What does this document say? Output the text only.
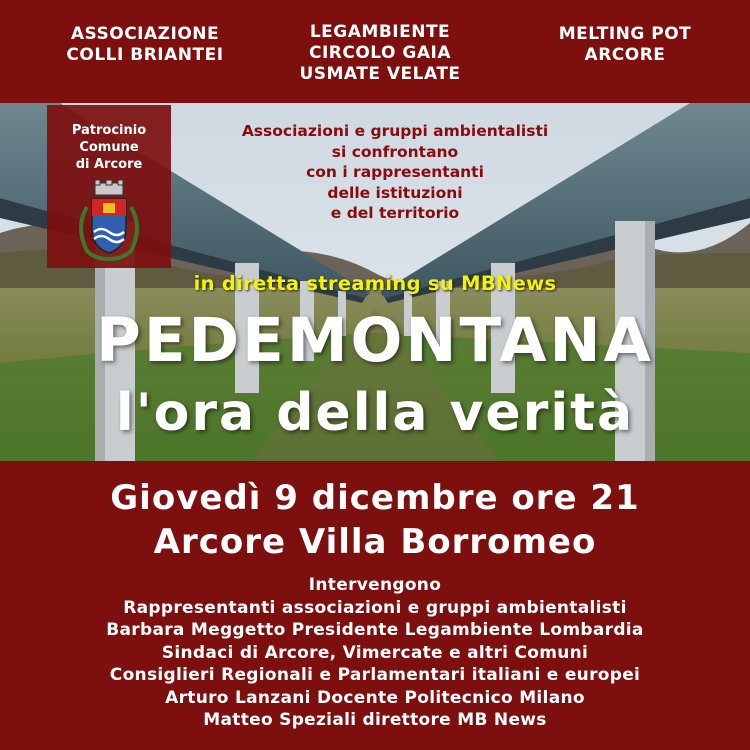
ASSOCIAZIONE
COLLI BRIANTEI
LEGAMBIENTE
CIRCOLO GAIA
USMATE VELATE
MELTING POT
ARCORE
Patrocinio
Comune
di Arcore
Associazioni e gruppi ambientalisti
si confrontano
con i rappresentanti
delle istituzioni
e del territorio
in diretta streaming su MBNews
PEDEMONTANA
l'ora della verità
Giovedì 9 dicembre ore 21
Arcore Villa Borromeo
Intervengono
Rappresentanti associazioni e gruppi ambientalisti
Barbara Meggetto Presidente Legambiente Lombardia
Sindaci di Arcore, Vimercate e altri Comuni
Consiglieri Regionali e Parlamentari italiani e europei
Arturo Lanzani Docente Politecnico Milano
Matteo Speziali direttore MB News
